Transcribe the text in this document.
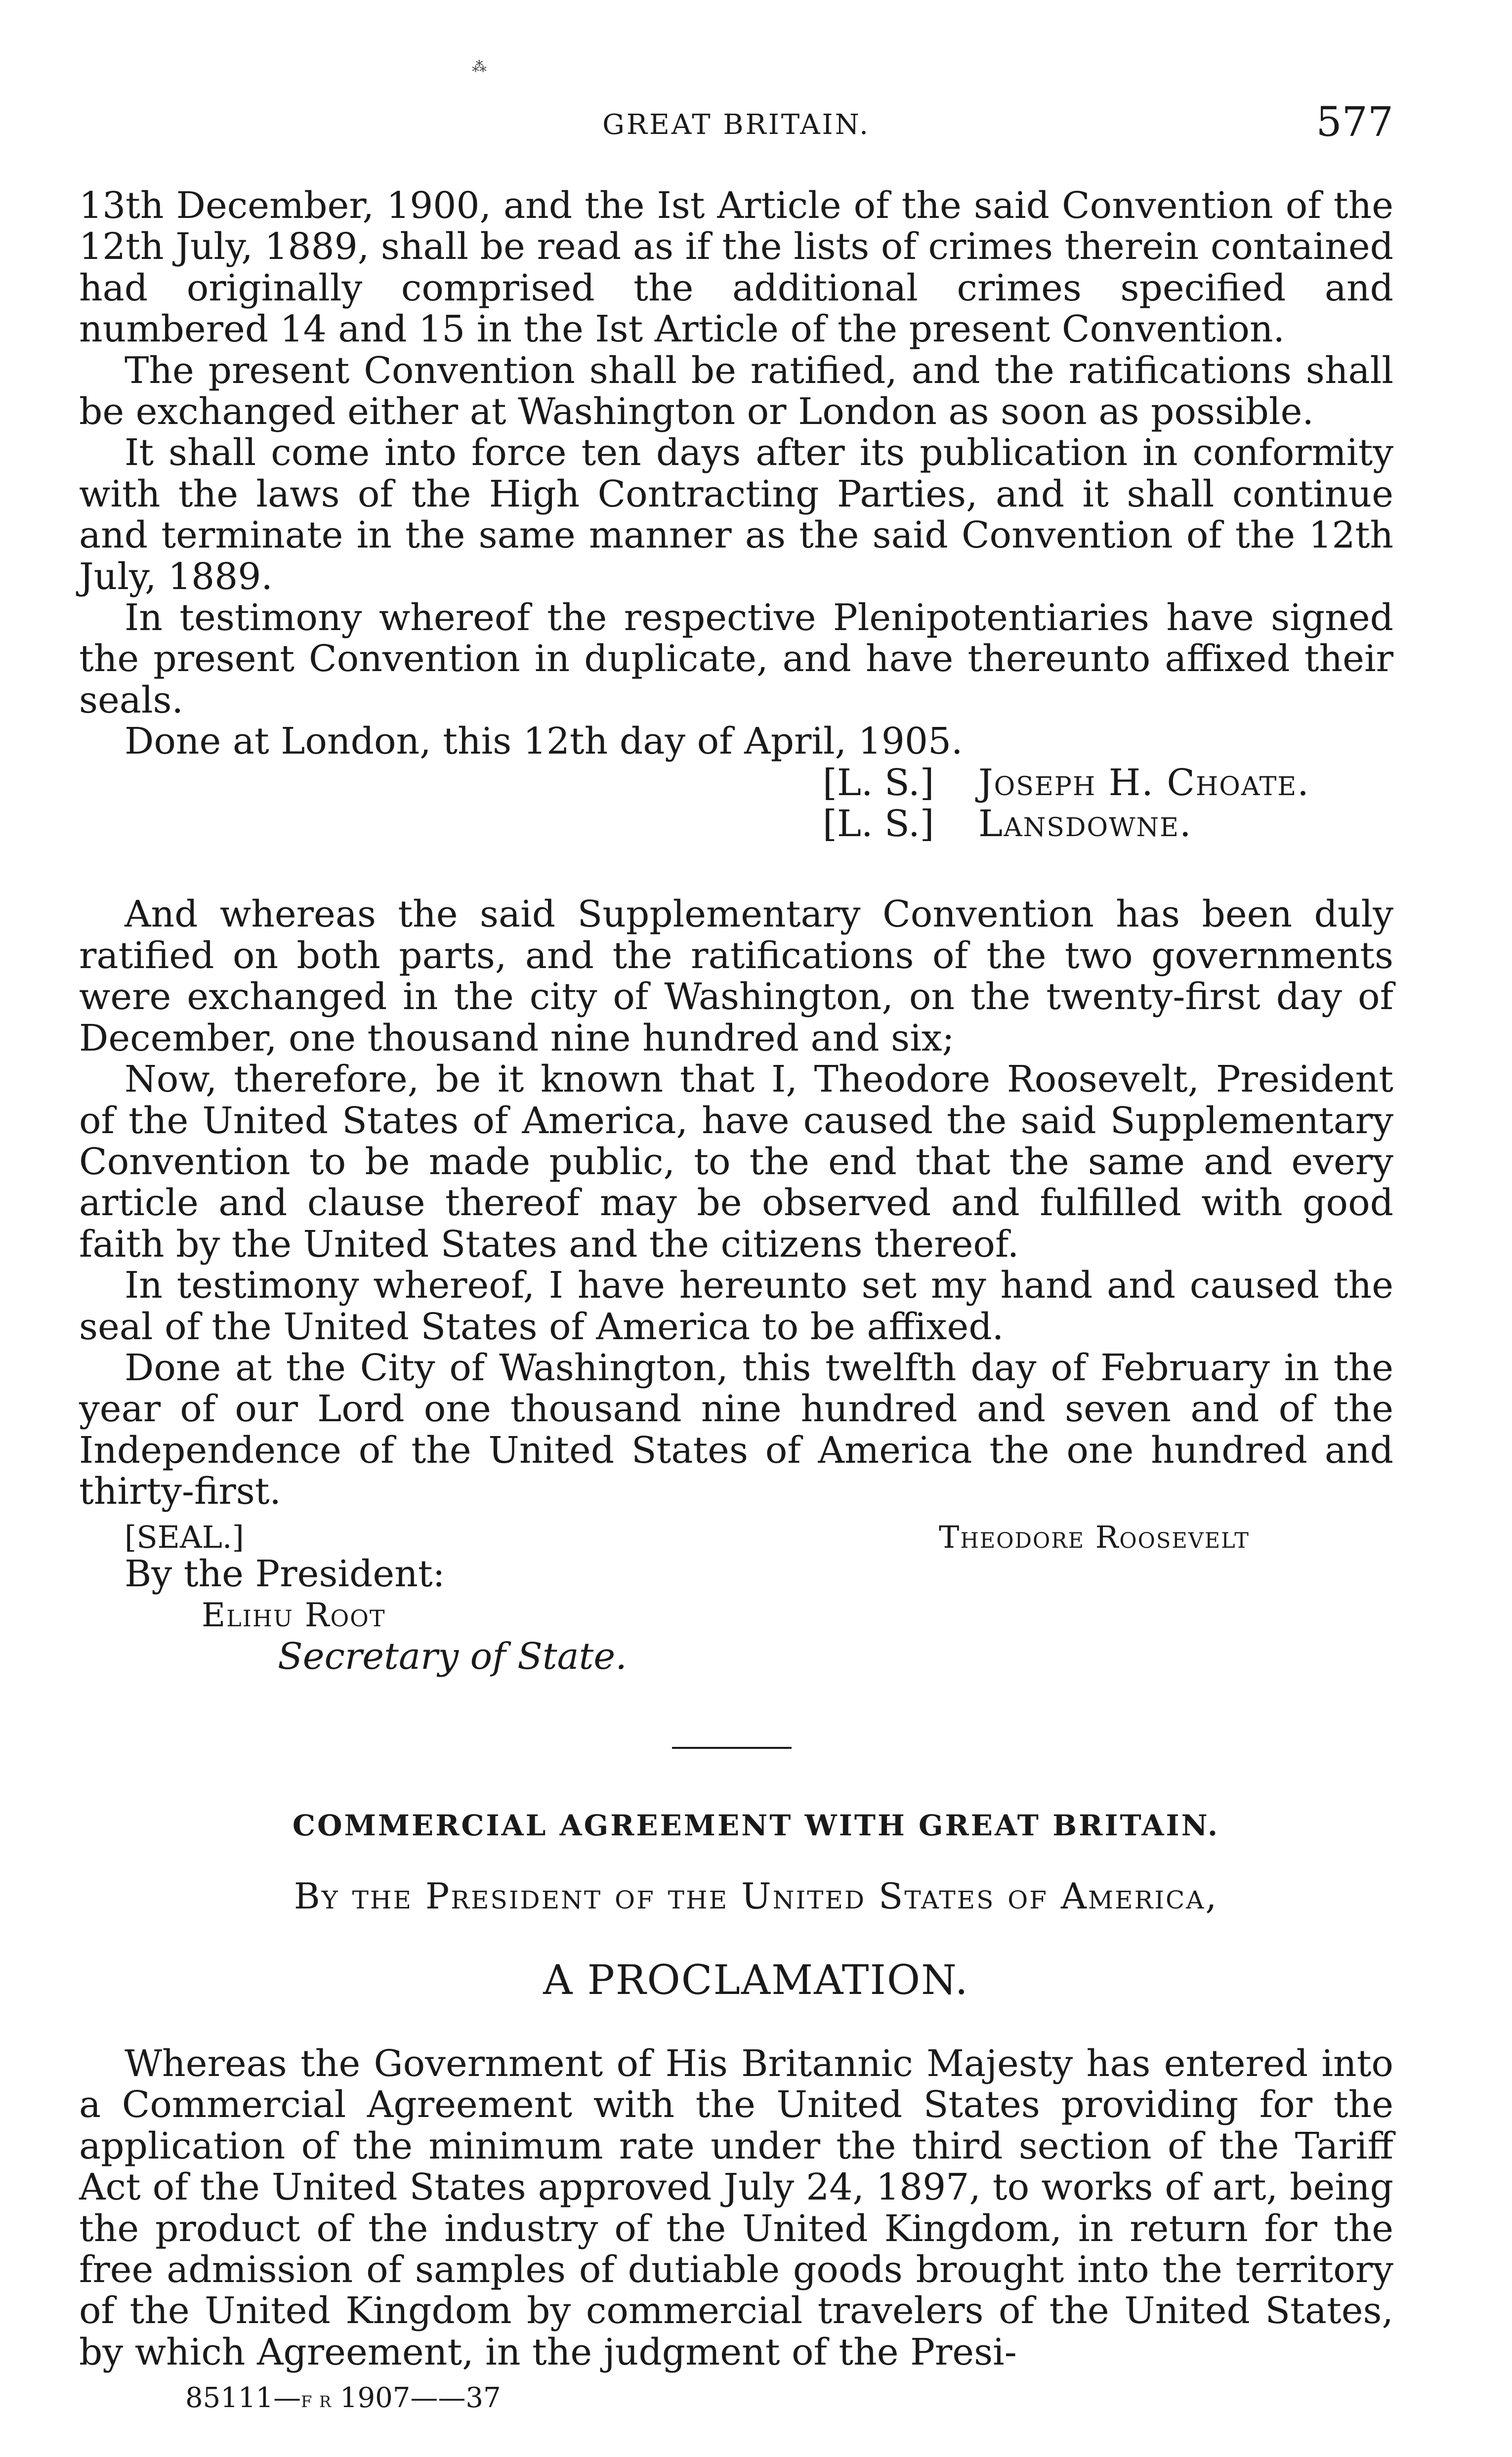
⁂
GREAT BRITAIN.	577

13th December, 1900, and the Ist Article of the said Convention of the 12th July, 1889, shall be read as if the lists of crimes therein contained had originally comprised the additional crimes specified and numbered 14 and 15 in the Ist Article of the present Convention.

The present Convention shall be ratified, and the ratifications shall be exchanged either at Washington or London as soon as possible.

It shall come into force ten days after its publication in conformity with the laws of the High Contracting Parties, and it shall continue and terminate in the same manner as the said Convention of the 12th July, 1889.

In testimony whereof the respective Plenipotentiaries have signed the present Convention in duplicate, and have thereunto affixed their seals.

Done at London, this 12th day of April, 1905.

[L. S.] Joseph H. Choate.
[L. S.] Lansdowne.

And whereas the said Supplementary Convention has been duly ratified on both parts, and the ratifications of the two governments were exchanged in the city of Washington, on the twenty-first day of December, one thousand nine hundred and six;

Now, therefore, be it known that I, Theodore Roosevelt, President of the United States of America, have caused the said Supplementary Convention to be made public, to the end that the same and every article and clause thereof may be observed and fulfilled with good faith by the United States and the citizens thereof.

In testimony whereof, I have hereunto set my hand and caused the seal of the United States of America to be affixed.

Done at the City of Washington, this twelfth day of February in the year of our Lord one thousand nine hundred and seven and of the Independence of the United States of America the one hundred and thirty-first.

[SEAL.]	Theodore Roosevelt
By the President:
Elihu Root
Secretary of State.
COMMERCIAL AGREEMENT WITH GREAT BRITAIN.
By the President of the United States of America,
A PROCLAMATION.

Whereas the Government of His Britannic Majesty has entered into a Commercial Agreement with the United States providing for the application of the minimum rate under the third section of the Tariff Act of the United States approved July 24, 1897, to works of art, being the product of the industry of the United Kingdom, in return for the free admission of samples of dutiable goods brought into the territory of the United Kingdom by commercial travelers of the United States, by which Agreement, in the judgment of the Presi-

85111—f r 1907——37
